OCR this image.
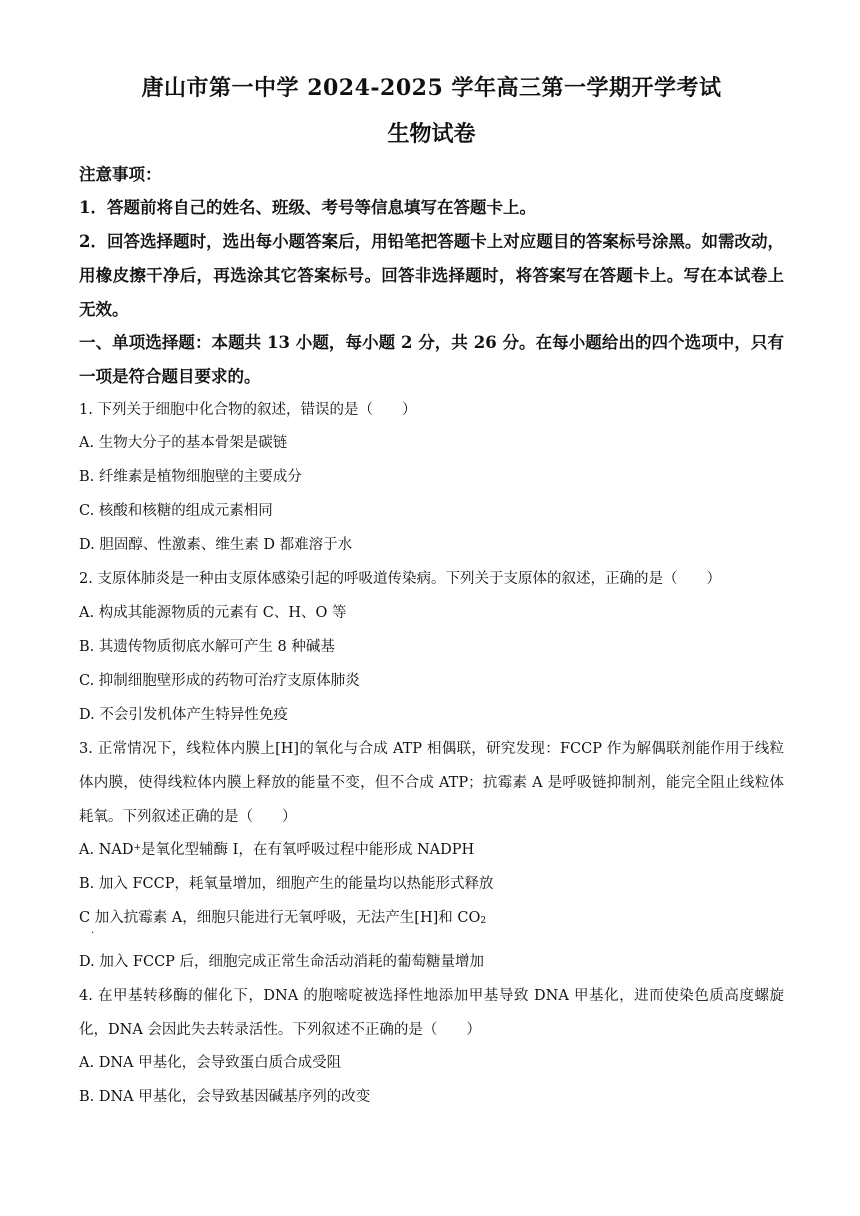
唐山市第一中学 2024-2025 学年高三第一学期开学考试
生物试卷
注意事项：
1．答题前将自己的姓名、班级、考号等信息填写在答题卡上。
2．回答选择题时，选出每小题答案后，用铅笔把答题卡上对应题目的答案标号涂黑。如需改动，用橡皮擦干净后，再选涂其它答案标号。回答非选择题时，将答案写在答题卡上。写在本试卷上无效。
一、单项选择题：本题共 13 小题，每小题 2 分，共 26 分。在每小题给出的四个选项中，只有一项是符合题目要求的。
1. 下列关于细胞中化合物的叙述，错误的是（　　）
A. 生物大分子的基本骨架是碳链
B. 纤维素是植物细胞壁的主要成分
C. 核酸和核糖的组成元素相同
D. 胆固醇、性激素、维生素 D 都难溶于水
2. 支原体肺炎是一种由支原体感染引起的呼吸道传染病。下列关于支原体的叙述，正确的是（　　）
A. 构成其能源物质的元素有 C、H、O 等
B. 其遗传物质彻底水解可产生 8 种碱基
C. 抑制细胞壁形成的药物可治疗支原体肺炎
D. 不会引发机体产生特异性免疫
3. 正常情况下，线粒体内膜上[H]的氧化与合成 ATP 相偶联，研究发现：FCCP 作为解偶联剂能作用于线粒体内膜，使得线粒体内膜上释放的能量不变，但不合成 ATP；抗霉素 A 是呼吸链抑制剂，能完全阻止线粒体耗氧。下列叙述正确的是（　　）
A. NAD+是氧化型辅酶 I，在有氧呼吸过程中能形成 NADPH
B. 加入 FCCP，耗氧量增加，细胞产生的能量均以热能形式释放
C 加入抗霉素 A，细胞只能进行无氧呼吸，无法产生[H]和 $CO_2$
·
D. 加入 FCCP 后，细胞完成正常生命活动消耗的葡萄糖量增加
4. 在甲基转移酶的催化下，DNA 的胞嘧啶被选择性地添加甲基导致 DNA 甲基化，进而使染色质高度螺旋化，DNA 会因此失去转录活性。下列叙述不正确的是（　　）
A. DNA 甲基化，会导致蛋白质合成受阻
B. DNA 甲基化，会导致基因碱基序列的改变
